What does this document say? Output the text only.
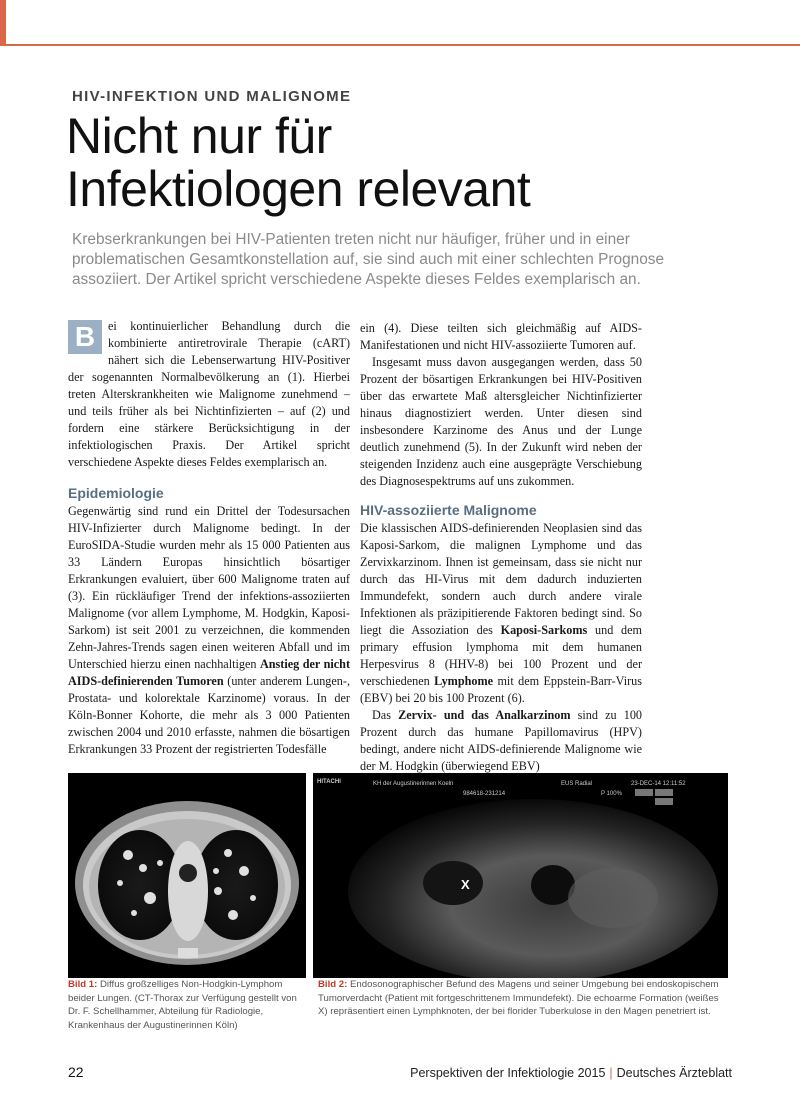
HIV-INFEKTION UND MALIGNOME
Nicht nur für
Infektiologen relevant
Krebserkrankungen bei HIV-Patienten treten nicht nur häufiger, früher und in einer problematischen Gesamtkonstellation auf, sie sind auch mit einer schlechten Prognose assoziiert. Der Artikel spricht verschiedene Aspekte dieses Feldes exemplarisch an.

B	ei kontinuierlicher Behandlung durch die kombinierte antiretrovirale Therapie (cART) nähert sich die Lebenserwartung HIV-Positiver der sogenannten Normalbevölkerung an (1). Hierbei treten Alterskrankheiten wie Malignome zunehmend – und teils früher als bei Nichtinfizierten – auf (2) und fordern eine stärkere Berücksichtigung in der infektiologischen Praxis. Der Artikel spricht verschiedene Aspekte dieses Feldes exemplarisch an.

Epidemiologie

Gegenwärtig sind rund ein Drittel der Todesursachen HIV-Infizierter durch Malignome bedingt. In der EuroSIDA-Studie wurden mehr als 15 000 Patienten aus 33 Ländern Europas hinsichtlich bösartiger Erkrankungen evaluiert, über 600 Malignome traten auf (3). Ein rückläufiger Trend der infektions-assoziierten Malignome (vor allem Lymphome, M. Hodgkin, Kaposi-Sarkom) ist seit 2001 zu verzeichnen, die kommenden Zehn-Jahres-Trends sagen einen weiteren Abfall und im Unterschied hierzu einen nachhaltigen Anstieg der nicht AIDS-definierenden Tumoren (unter anderem Lungen-, Prostata- und kolorektale Karzinome) voraus. In der Köln-Bonner Kohorte, die mehr als 3 000 Patienten zwischen 2004 und 2010 erfasste, nahmen die bösartigen Erkrankungen 33 Prozent der registrierten Todesfälle

ein (4). Diese teilten sich gleichmäßig auf AIDS-Manifestationen und nicht HIV-assoziierte Tumoren auf.

Insgesamt muss davon ausgegangen werden, dass 50 Prozent der bösartigen Erkrankungen bei HIV-Positiven über das erwartete Maß altersgleicher Nichtinfizierter hinaus diagnostiziert werden. Unter diesen sind insbesondere Karzinome des Anus und der Lunge deutlich zunehmend (5). In der Zukunft wird neben der steigenden Inzidenz auch eine ausgeprägte Verschiebung des Diagnosespektrums auf uns zukommen.

HIV-assoziierte Malignome

Die klassischen AIDS-definierenden Neoplasien sind das Kaposi-Sarkom, die malignen Lymphome und das Zervixkarzinom. Ihnen ist gemeinsam, dass sie nicht nur durch das HI-Virus mit dem dadurch induzierten Immundefekt, sondern auch durch andere virale Infektionen als präzipitierende Faktoren bedingt sind. So liegt die Assoziation des Kaposi-Sarkoms und dem primary effusion lymphoma mit dem humanen Herpesvirus 8 (HHV-8) bei 100 Prozent und der verschiedenen Lymphome mit dem Eppstein-Barr-Virus (EBV) bei 20 bis 100 Prozent (6).

Das Zervix- und das Analkarzinom sind zu 100 Prozent durch das humane Papillomavirus (HPV) bedingt, andere nicht AIDS-definierende Malignome wie der M. Hodgkin (überwiegend EBV)

X
HITACHI	KH der Augustinerinnen Koeln	EUS Radial	23-DEC-14 12:11:52
984618-231214	P 100%
Bild 1: Diffus großzelliges Non-Hodgkin-Lymphom beider Lungen. (CT-Thorax zur Verfügung gestellt von Dr. F. Schellhammer, Abteilung für Radiologie, Krankenhaus der Augustinerinnen Köln)
Bild 2: Endosonographischer Befund des Magens und seiner Umgebung bei endoskopischem Tumorverdacht (Patient mit fortgeschrittenem Immundefekt). Die echoarme Formation (weißes X) repräsentiert einen Lymphknoten, der bei florider Tuberkulose in den Magen penetriert ist.
22	Perspektiven der Infektiologie 2015 | Deutsches Ärzteblatt
